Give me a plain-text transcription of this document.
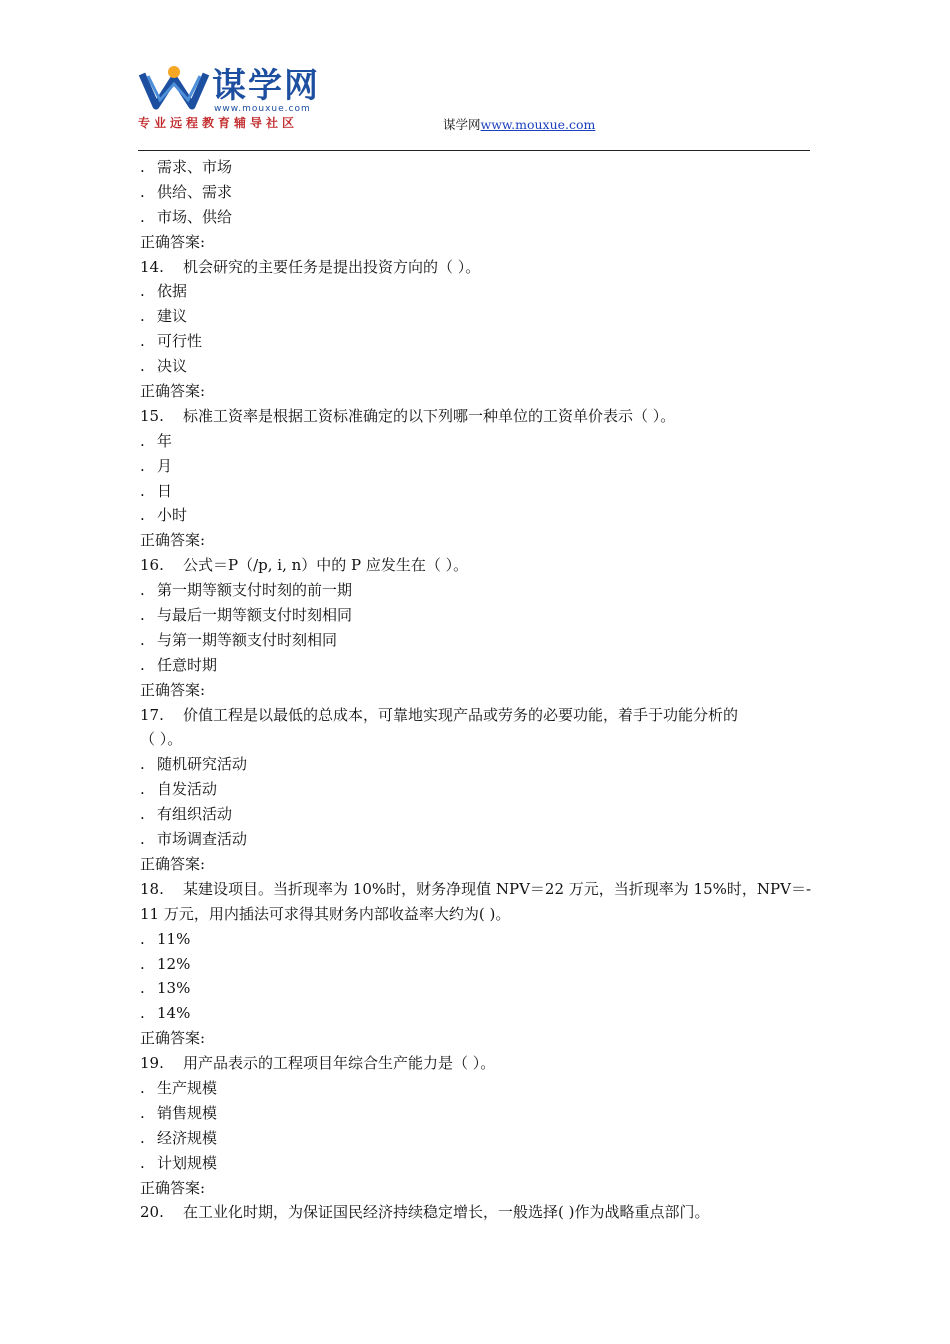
谋学网
www.mouxue.com
专业远程教育辅导社区	谋学网www.mouxue.com
. 需求、市场
. 供给、需求
. 市场、供给
正确答案:
14. 机会研究的主要任务是提出投资方向的（ ）。
. 依据
. 建议
. 可行性
. 决议
正确答案:
15. 标准工资率是根据工资标准确定的以下列哪一种单位的工资单价表示（ ）。
. 年
. 月
. 日
. 小时
正确答案:
16. 公式＝P（/p, i, n）中的 P 应发生在（ ）。
. 第一期等额支付时刻的前一期
. 与最后一期等额支付时刻相同
. 与第一期等额支付时刻相同
. 任意时期
正确答案:
17. 价值工程是以最低的总成本，可靠地实现产品或劳务的必要功能，着手于功能分析的
（ ）。
. 随机研究活动
. 自发活动
. 有组织活动
. 市场调查活动
正确答案:
18. 某建设项目。当折现率为 10%时，财务净现值 NPV＝22 万元，当折现率为 15%时，NPV＝-
11 万元，用内插法可求得其财务内部收益率大约为( )。
. 11%
. 12%
. 13%
. 14%
正确答案:
19. 用产品表示的工程项目年综合生产能力是（ ）。
. 生产规模
. 销售规模
. 经济规模
. 计划规模
正确答案:
20. 在工业化时期，为保证国民经济持续稳定增长，一般选择( )作为战略重点部门。
